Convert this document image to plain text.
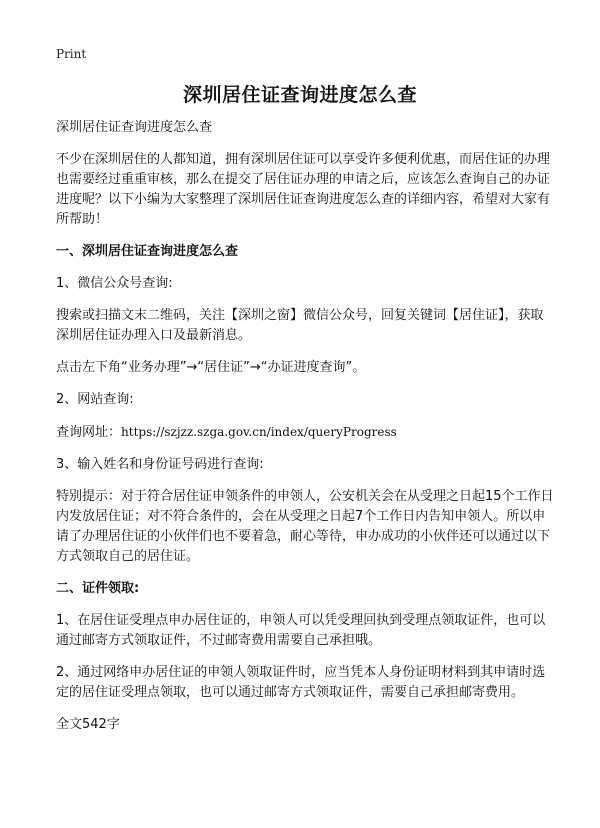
Print
深圳居住证查询进度怎么查

深圳居住证查询进度怎么查

不少在深圳居住的人都知道，拥有深圳居住证可以享受许多便利优惠，而居住证的办理也需要经过重重审核，那么在提交了居住证办理的申请之后，应该怎么查询自己的办证进度呢？以下小编为大家整理了深圳居住证查询进度怎么查的详细内容，希望对大家有所帮助！

一、深圳居住证查询进度怎么查

1、微信公众号查询:

搜索或扫描文末二维码，关注【深圳之窗】微信公众号，回复关键词【居住证】，获取深圳居住证办理入口及最新消息。

点击左下角“业务办理”→“居住证”→“办证进度查询”。

2、网站查询:

查询网址：https://szjzz.szga.gov.cn/index/queryProgress

3、输入姓名和身份证号码进行查询:

特别提示：对于符合居住证申领条件的申领人，公安机关会在从受理之日起15个工作日内发放居住证；对不符合条件的，会在从受理之日起7个工作日内告知申领人。所以申请了办理居住证的小伙伴们也不要着急，耐心等待，申办成功的小伙伴还可以通过以下方式领取自己的居住证。

二、证件领取:

1、在居住证受理点申办居住证的，申领人可以凭受理回执到受理点领取证件，也可以通过邮寄方式领取证件，不过邮寄费用需要自己承担哦。

2、通过网络申办居住证的申领人领取证件时，应当凭本人身份证明材料到其申请时选定的居住证受理点领取，也可以通过邮寄方式领取证件，需要自己承担邮寄费用。

全文542字
